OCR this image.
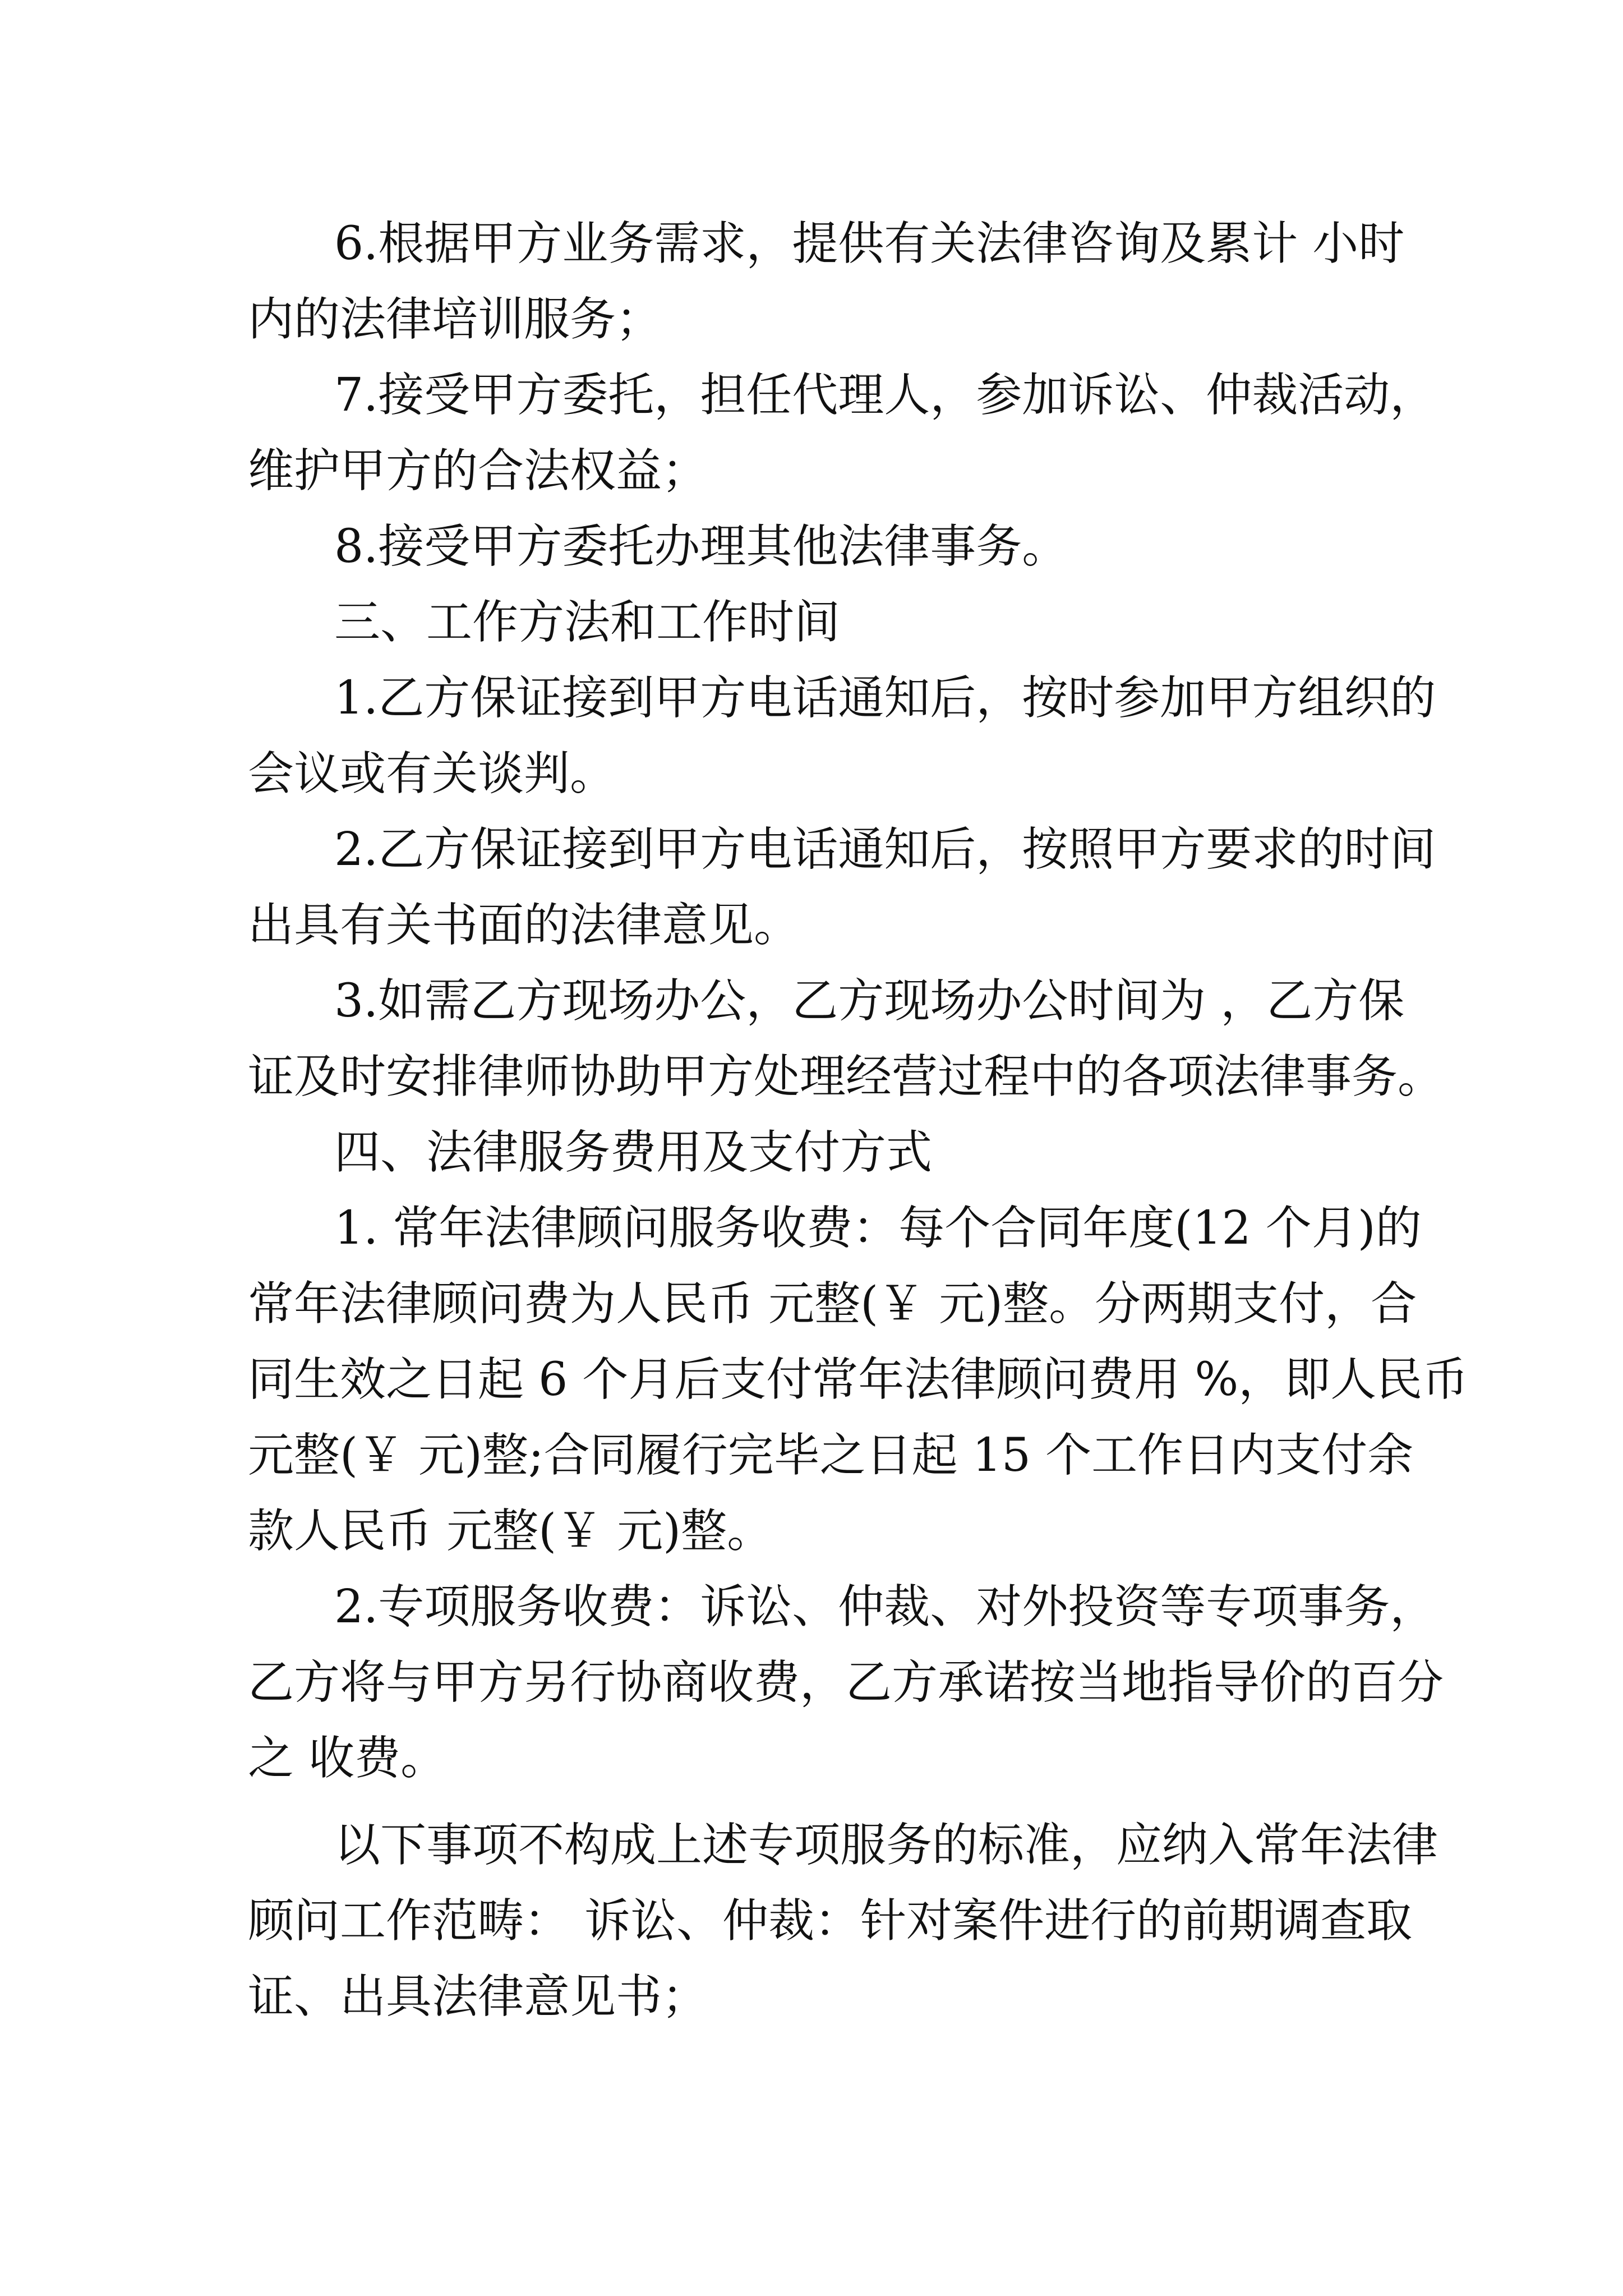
6.根据甲方业务需求，提供有关法律咨询及累计 小时
内的法律培训服务；
7.接受甲方委托，担任代理人，参加诉讼、仲裁活动，
维护甲方的合法权益；
8.接受甲方委托办理其他法律事务。
三、工作方法和工作时间
1.乙方保证接到甲方电话通知后，按时参加甲方组织的
会议或有关谈判。
2.乙方保证接到甲方电话通知后，按照甲方要求的时间
出具有关书面的法律意见。
3.如需乙方现场办公，乙方现场办公时间为 ，乙方保
证及时安排律师协助甲方处理经营过程中的各项法律事务。
四、法律服务费用及支付方式
1. 常年法律顾问服务收费：每个合同年度(12 个月)的
常年法律顾问费为人民币 元整(￥ 元)整。分两期支付，合
同生效之日起 6 个月后支付常年法律顾问费用 %，即人民币
元整(￥ 元)整;合同履行完毕之日起 15 个工作日内支付余
款人民币 元整(￥ 元)整。
2.专项服务收费：诉讼、仲裁、对外投资等专项事务，
乙方将与甲方另行协商收费，乙方承诺按当地指导价的百分
之 收费。
以下事项不构成上述专项服务的标准，应纳入常年法律
顾问工作范畴： 诉讼、仲裁：针对案件进行的前期调查取
证、出具法律意见书；
